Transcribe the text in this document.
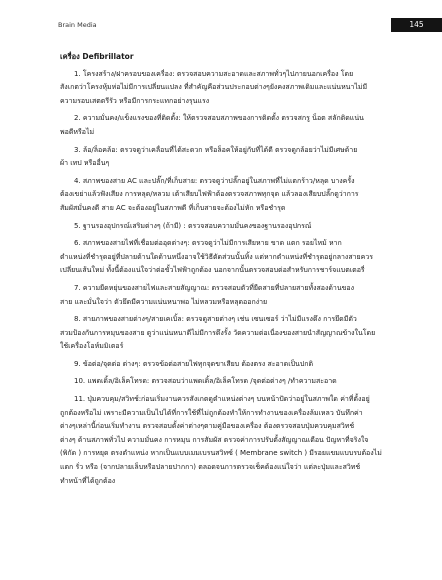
Brain Media	145
เครื่อง Defibrillator
1. โครงสร้าง/ฝาครอบของเครื่อง: ตรวจสอบความสะอาดและสภาพทั่วๆไปภายนอกเครื่อง โดย
สังเกตว่าโครงหุ้มห่อไม่มีการเปลี่ยนแปลง ที่สำคัญคือส่วนประกอบต่างๆยังคงสภาพเดิมและแน่นหนาไม่มี
ความรอบเสตตรีรัว หรือมีการกระแทกอย่างรุนแรง
2. ความมั่นคง/แข็งแรงของที่ติดตั้ง: ให้ตรวจสอบสภาพของการติดตั้ง ตรวจสกรู น็อต สลักติดแน่น
พอดีหรือไม่
3. ล้อ/ล็อคล้อ: ตรวจดูว่าเคลื่อนที่ได้สะดวก หรือล็อคให้อยู่กับที่ได้ดี ตรวจดูกล้อยว่าไม่มีเศษด้าย
ผ้า เทป หรืออื่นๆ
4. สภาพของสาย AC และปลั๊ก/ที่เก็บสาย: ตรวจดูว่าปลั๊กอยู่ในสภาพที่ไม่แตกร้าว/หลุด บางครั้ง
ต้องเขย่าแล้วฟังเสียง การหลุด/หลวม เต้าเสียบไฟฟ้าต้องตรวจสภาพทุกจุด แล้วลองเสียบปลั๊กดูว่าการ
สัมผัสมั่นคงดี สาย AC จะต้องอยู่ในสภาพดี ที่เก็บสายจะต้องไม่หัก หรือชำรุด
5. ฐานรองอุปกรณ์เสริมต่างๆ (ถ้ามี) : ตรวจสอบความมั่นคงของฐานรองอุปกรณ์
6. สภาพของสายไฟที่เชื่อมต่ออุดต่างๆ: ตรวจดูว่าไม่มีการเสียหาย ขาด แตก รอยไหม้ หาก
ตำแหน่งที่ชำรุดอยู่ที่ปลายด้านใดด้านหนึ่งอาจใช้วิธีตัดส่วนนั้นทิ้ง แต่หากตำแหน่งที่ชำรุดอยู่กลางสายควร
เปลี่ยนเส้นใหม่ ทั้งนี้ต้องแน่ใจว่าต่อขั้วไฟฟ้าถูกต้อง นอกจากนั้นตรวจสอบต่อสำหรับการชาร์จแบตเตอรี่
7. ความยืดหยุ่นของสายไฟและสายสัญญาณ: ตรวจสอบตัวที่ยืดสายที่ปลายสายทั้งสองด้านของ
สาย และมั่นใจว่า ตัวยึดมีความแน่นหนาพอ ไม่หลวมหรือหลุดออกง่าย
8. สายภาพของสายต่างๆ/สายเคเบิ้ล: ตรวจดูสายต่างๆ เช่น เซนเซอร์ ว่าไม่มีแรงดึง การยึดมีตัว
สวมป้องกันการหมุนของสาย ดูว่าแน่นหนาดีไม่มีการดึงรั้ง วัดความต่อเนื่องของสายนำสัญญาณข้างในโดย
ใช้เครื่องโอห์มมิเตอร์
9. ข้อต่อ/จุดต่อ ต่างๆ: ตรวจข้อต่อสายไฟทุกจุดขาเสียบ ต้องตรง สะอาดเป็นปกติ
10. แพดเดิ้ล/อิเล็คโทรด: ตรวจสอบว่าแพดเดิ้ล/อิเล็คโทรด /จุดต่อต่างๆ /ทำความสะอาด
11. ปุ่มควบคุม/สวิทช์:ก่อนเริ่มงานควรสังเกตดูตำแหน่งต่างๆ บนหน้าปัดว่าอยู่ในสภาพใด ค่าที่ตั้งอยู่
ถูกต้องหรือไม่ เพราะมีความเป็นไปได้ที่การใช้ที่ไม่ถูกต้องทำให้การทำงานของเครื่องล้มเหลว บันทึกค่า
ต่างๆเหล่านี้ก่อนเริ่มทำงาน ตรวจสอบดั้งค่าต่างๆตามคู่มือของเครื่อง ต้องตรวจสอบปุ่มควบคุมสวิทช์
ต่างๆ ด้านสภาพทั่วไป ความมั่นคง การหมุน การสัมผัส ตรวจค่าการปรับตั้งสัญญาณเตือน ปัญหาที่จริงใจ
(พิกัด ) การหยุด ตรงตำแหน่ง หากเป็นแบบเมมเบรนสวิทซ์ ( Membrane switch ) มีรอยแขมแบบรบต้องไม่
แตก รั่ว หรือ (จากปลายเล็บหรือปลายปากกา) ตลอดจนการตรวจเช็คต้องแน่ใจว่า แต่ละปุ่มและสวิทช์
ทำหน้าที่ได้ถูกต้อง
